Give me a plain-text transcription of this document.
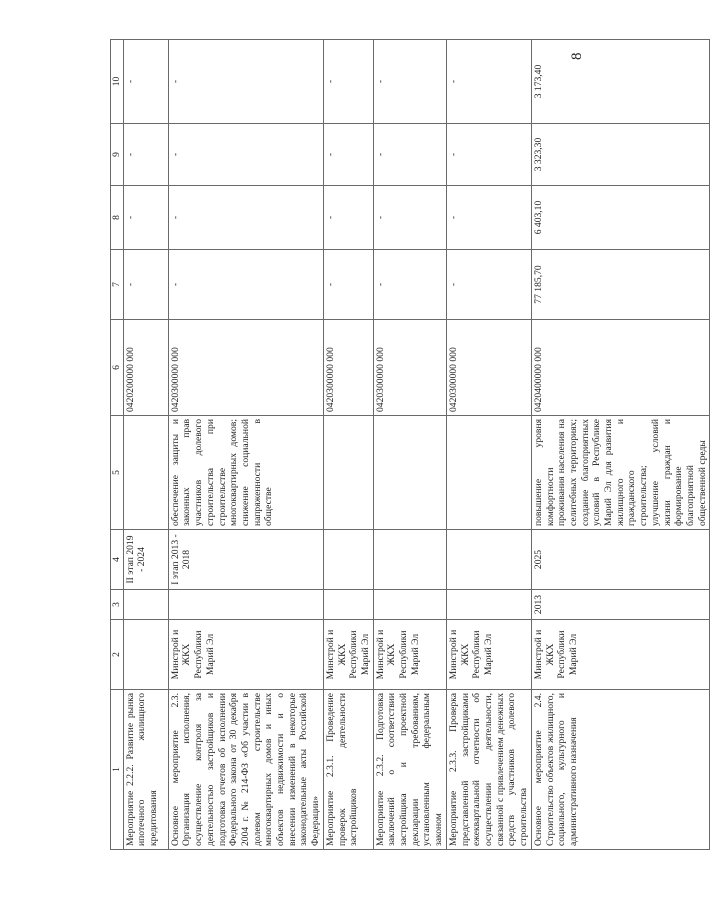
8
1	2	3	4	5	6	7	8	9	10
Мероприятие 2.2.2. Развитие рынка ипотечного жилищного кредитования			II этап 2019 - 2024		0420200000 000	-	-	-	-
Основное мероприятие 2.3. Организация исполнения, осуществление контроля за деятельностью застройщиков и подготовка отчетов об исполнении Федерального закона от 30 декабря 2004 г. № 214-ФЗ «Об участии в долевом строительстве многоквартирных домов и иных объектов недвижимости и о внесении изменений в некоторые законодательные акты Российской Федерации»	Минстрой и ЖКХ Республики Марий Эл		I этап 2013 - 2018	обеспечение защиты и законных прав участников долевого строительства при строительстве многоквартирных домов; снижение социальной напряженности в обществе	0420300000 000	-	-	-	-
Мероприятие 2.3.1. Проведение проверок деятельности застройщиков	Минстрой и ЖКХ Республики Марий Эл				0420300000 000	-	-	-	-
Мероприятие 2.3.2. Подготовка заключений о соответствии застройщика и проектной декларации требованиям, установленным федеральным законом	Минстрой и ЖКХ Республики Марий Эл				0420300000 000	-	-	-	-
Мероприятие 2.3.3. Проверка представленной застройщиками ежеквартальной отчетности об осуществлении деятельности, связанной с привлечением денежных средств участников долевого строительства	Минстрой и ЖКХ Республики Марий Эл				0420300000 000	-	-	-	-
Основное мероприятие 2.4. Строительство объектов жилищного, социального, культурного и административного назначения	Минстрой и ЖКХ Республики Марий Эл	2013	2025	повышение уровня комфортности проживания населения на селитебных территориях; создание благоприятных условий в Республике Марий Эл для развития жилищного и гражданского строительства; улучшение условий жизни граждан и формирование благоприятной общественной среды	0420400000 000	77 185,70	6 403,10	3 323,30	3 173,40
